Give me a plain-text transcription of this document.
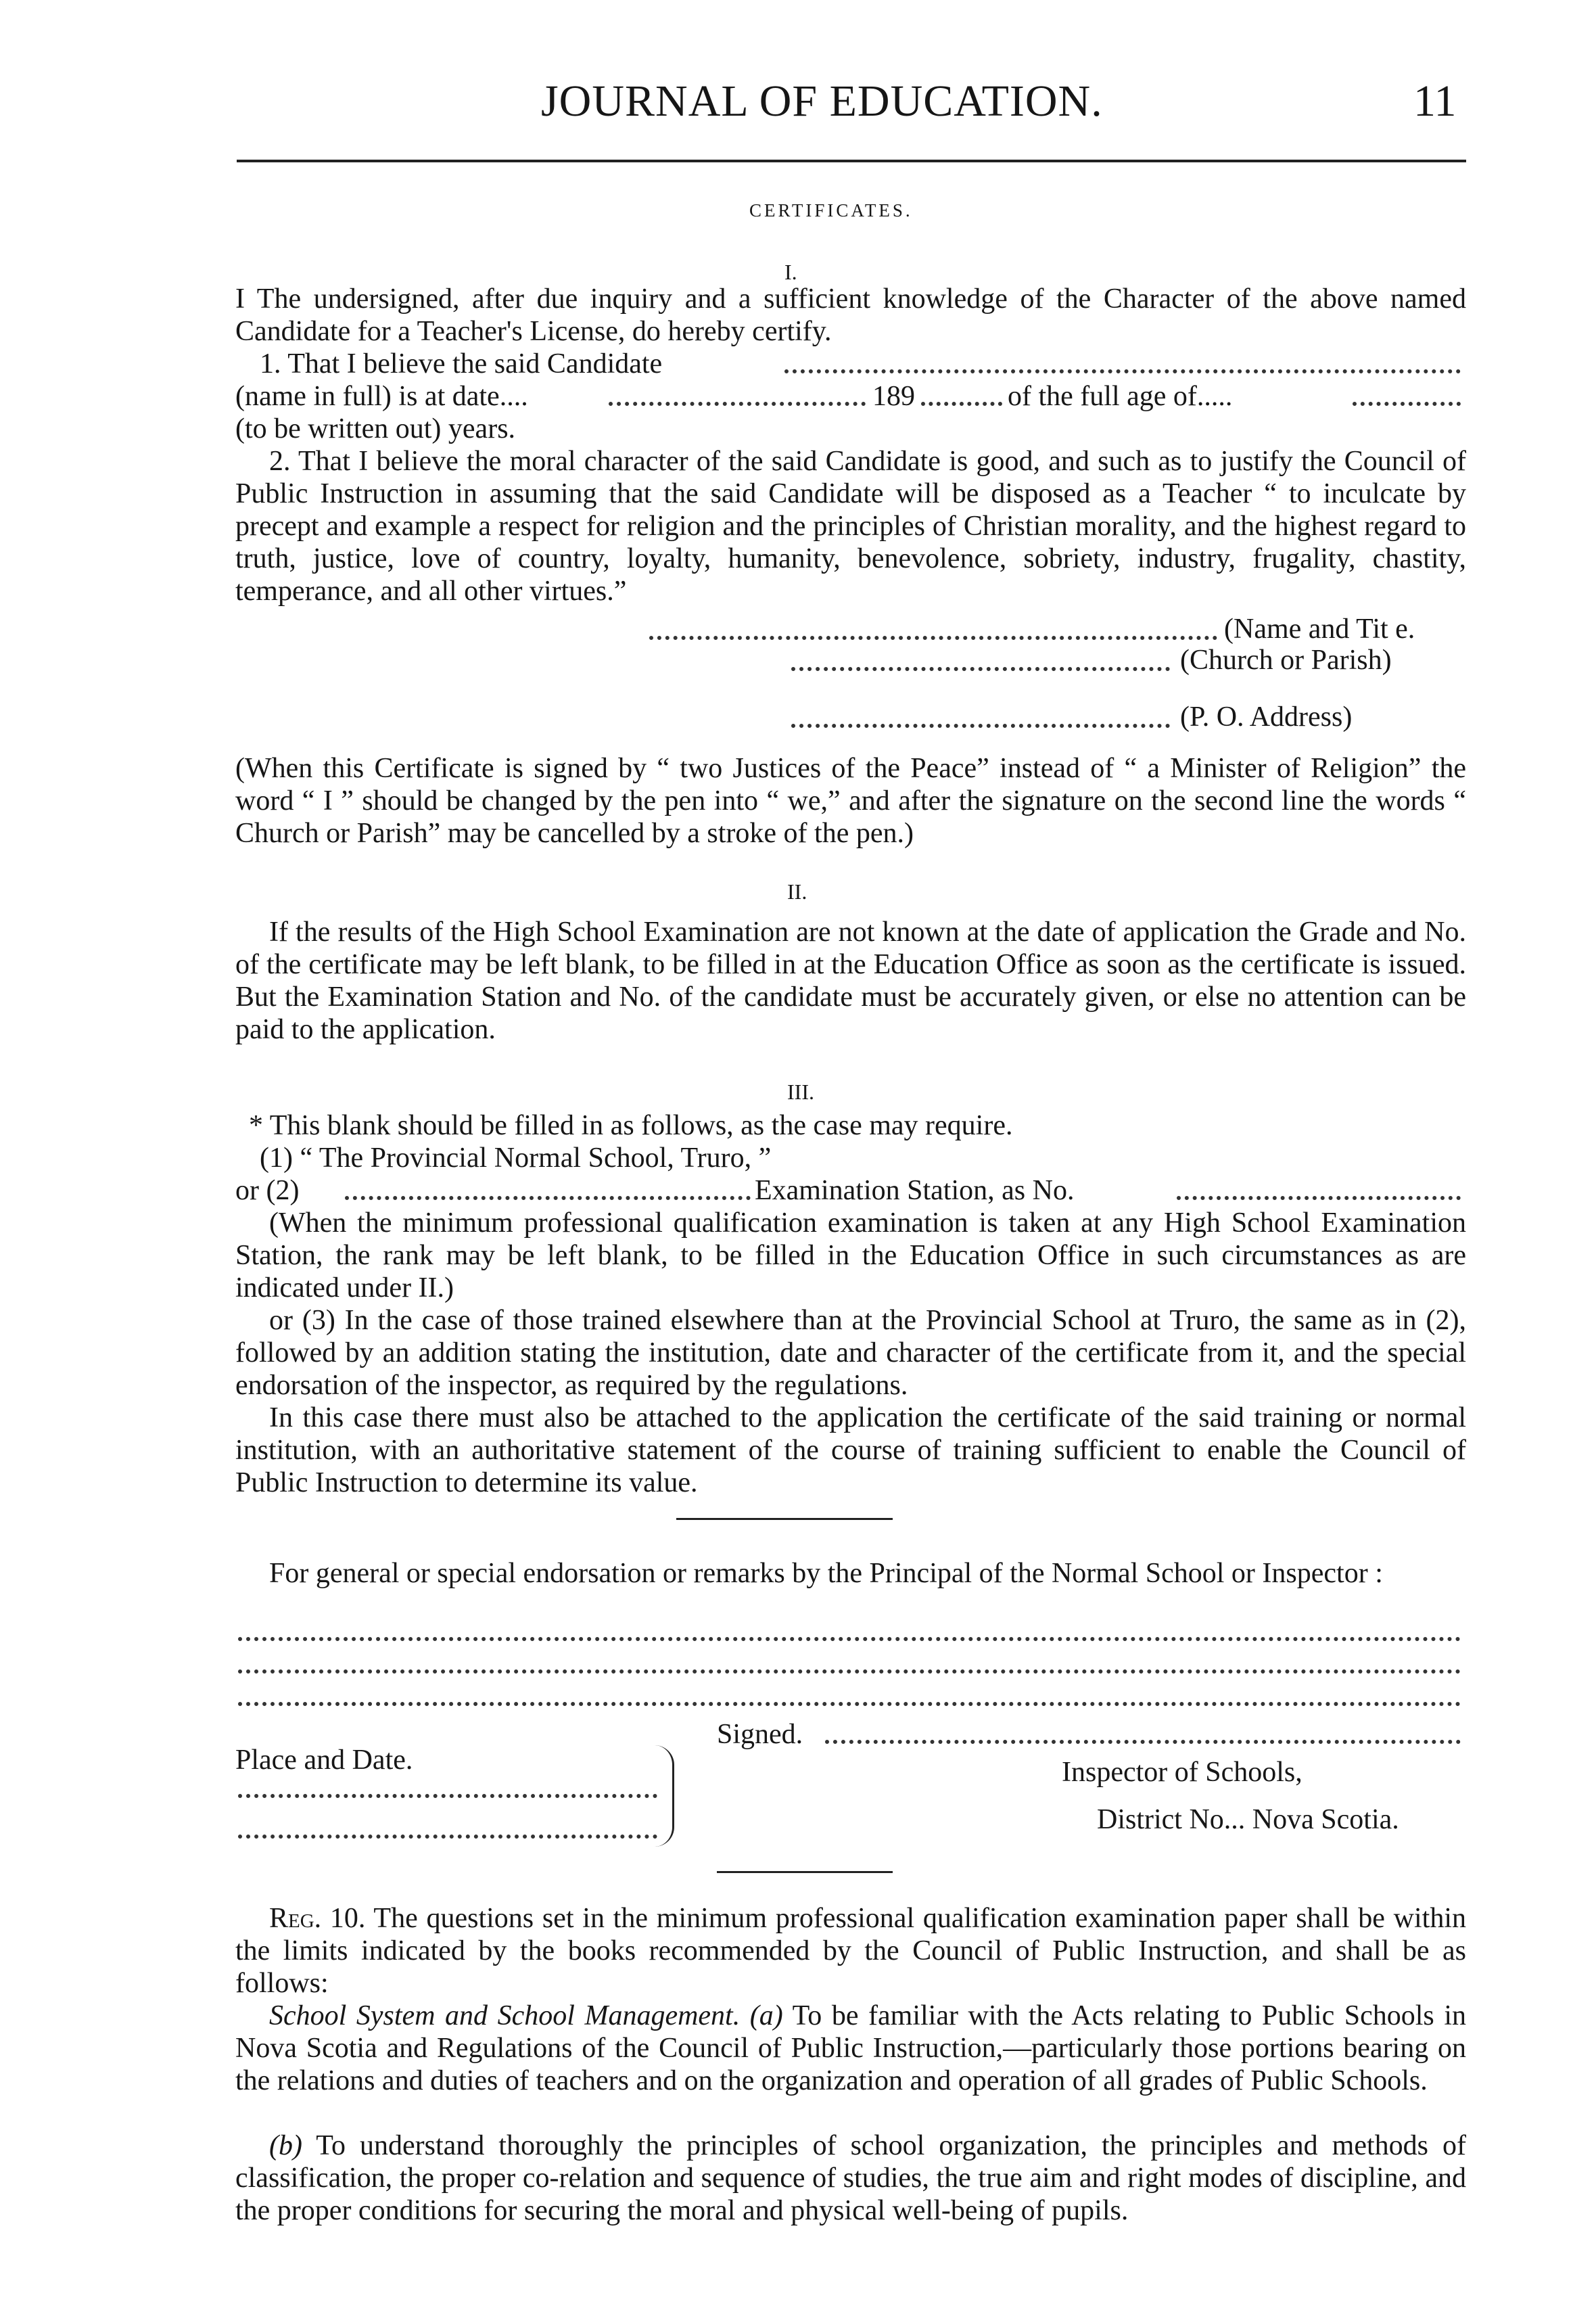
JOURNAL OF EDUCATION.	11
CERTIFICATES.
I.
I The undersigned, after due inquiry and a sufficient knowledge of the Character of the above named Candidate for a Teacher's License, do hereby certify.
1. That I believe the said Candidate
(name in full) is at date....	189	of the full age of.....
(to be written out) years.
2. That I believe the moral character of the said Candidate is good, and such as to justify the Council of Public Instruction in assuming that the said Candidate will be disposed as a Teacher “ to inculcate by precept and example a respect for religion and the principles of Christian morality, and the highest regard to truth, justice, love of country, loyalty, humanity, benevolence, sobriety, industry, frugality, chastity, temperance, and all other virtues.”
(Name and Tit e.
(Church or Parish)
(P. O. Address)
(When this Certificate is signed by “ two Justices of the Peace” instead of “ a Minister of Religion” the word “ I ” should be changed by the pen into “ we,” and after the signature on the second line the words “ Church or Parish” may be cancelled by a stroke of the pen.)
II.
If the results of the High School Examination are not known at the date of application the Grade and No. of the certificate may be left blank, to be filled in at the Education Office as soon as the certificate is issued. But the Examination Station and No. of the candidate must be accurately given, or else no attention can be paid to the application.
III.
* This blank should be filled in as follows, as the case may require.
(1) “ The Provincial Normal School, Truro, ”
or (2)	Examination Station, as No.
(When the minimum professional qualification examination is taken at any High School Examination Station, the rank may be left blank, to be filled in the Education Office in such circumstances as are indicated under II.)
or (3) In the case of those trained elsewhere than at the Provincial School at Truro, the same as in (2), followed by an addition stating the institution, date and character of the certificate from it, and the special endorsation of the inspector, as required by the regulations.
In this case there must also be attached to the application the certificate of the said training or normal institution, with an authoritative statement of the course of training sufficient to enable the Council of Public Instruction to determine its value.
For general or special endorsation or remarks by the Principal of the Normal School or Inspector :
Signed.
Place and Date.	Inspector of Schools,
District No... Nova Scotia.
Reg. 10. The questions set in the minimum professional qualification examination paper shall be within the limits indicated by the books recommended by the Council of Public Instruction, and shall be as follows:
School System and School Management. (a) To be familiar with the Acts relating to Public Schools in Nova Scotia and Regulations of the Council of Public Instruction,—particularly those portions bearing on the relations and duties of teachers and on the organization and operation of all grades of Public Schools.
(b) To understand thoroughly the principles of school organization, the principles and methods of classification, the proper co-relation and sequence of studies, the true aim and right modes of discipline, and the proper conditions for securing the moral and physical well-being of pupils.
